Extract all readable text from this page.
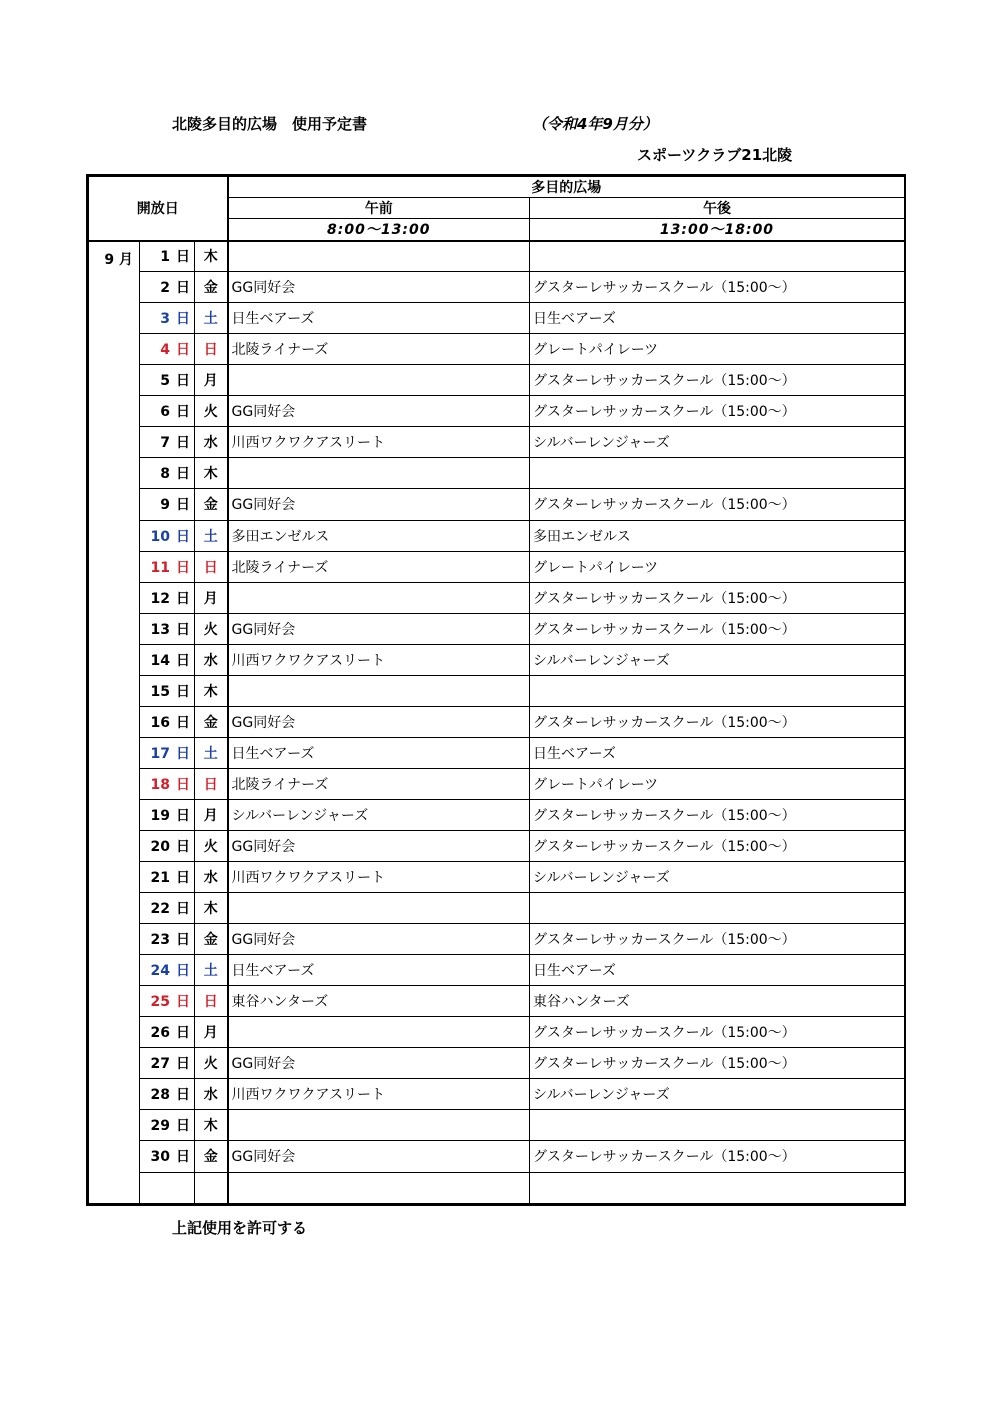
北陵多目的広場　使用予定書	（令和4年9月分）
スポーツクラブ21北陵
開放日			多目的広場	
			午前	午後
			8:00～13:00	13:00～18:00
9 月	1 日	木		
	2 日	金	GG同好会	グスターレサッカースクール（15:00～）
	3 日	土	日生ベアーズ	日生ベアーズ
	4 日	日	北陵ライナーズ	グレートパイレーツ
	5 日	月		グスターレサッカースクール（15:00～）
	6 日	火	GG同好会	グスターレサッカースクール（15:00～）
	7 日	水	川西ワクワクアスリート	シルバーレンジャーズ
	8 日	木		
	9 日	金	GG同好会	グスターレサッカースクール（15:00～）
	10 日	土	多田エンゼルス	多田エンゼルス
	11 日	日	北陵ライナーズ	グレートパイレーツ
	12 日	月		グスターレサッカースクール（15:00～）
	13 日	火	GG同好会	グスターレサッカースクール（15:00～）
	14 日	水	川西ワクワクアスリート	シルバーレンジャーズ
	15 日	木		
	16 日	金	GG同好会	グスターレサッカースクール（15:00～）
	17 日	土	日生ベアーズ	日生ベアーズ
	18 日	日	北陵ライナーズ	グレートパイレーツ
	19 日	月	シルバーレンジャーズ	グスターレサッカースクール（15:00～）
	20 日	火	GG同好会	グスターレサッカースクール（15:00～）
	21 日	水	川西ワクワクアスリート	シルバーレンジャーズ
	22 日	木		
	23 日	金	GG同好会	グスターレサッカースクール（15:00～）
	24 日	土	日生ベアーズ	日生ベアーズ
	25 日	日	東谷ハンターズ	東谷ハンターズ
	26 日	月		グスターレサッカースクール（15:00～）
	27 日	火	GG同好会	グスターレサッカースクール（15:00～）
	28 日	水	川西ワクワクアスリート	シルバーレンジャーズ
	29 日	木		
	30 日	金	GG同好会	グスターレサッカースクール（15:00～）

上記使用を許可する
